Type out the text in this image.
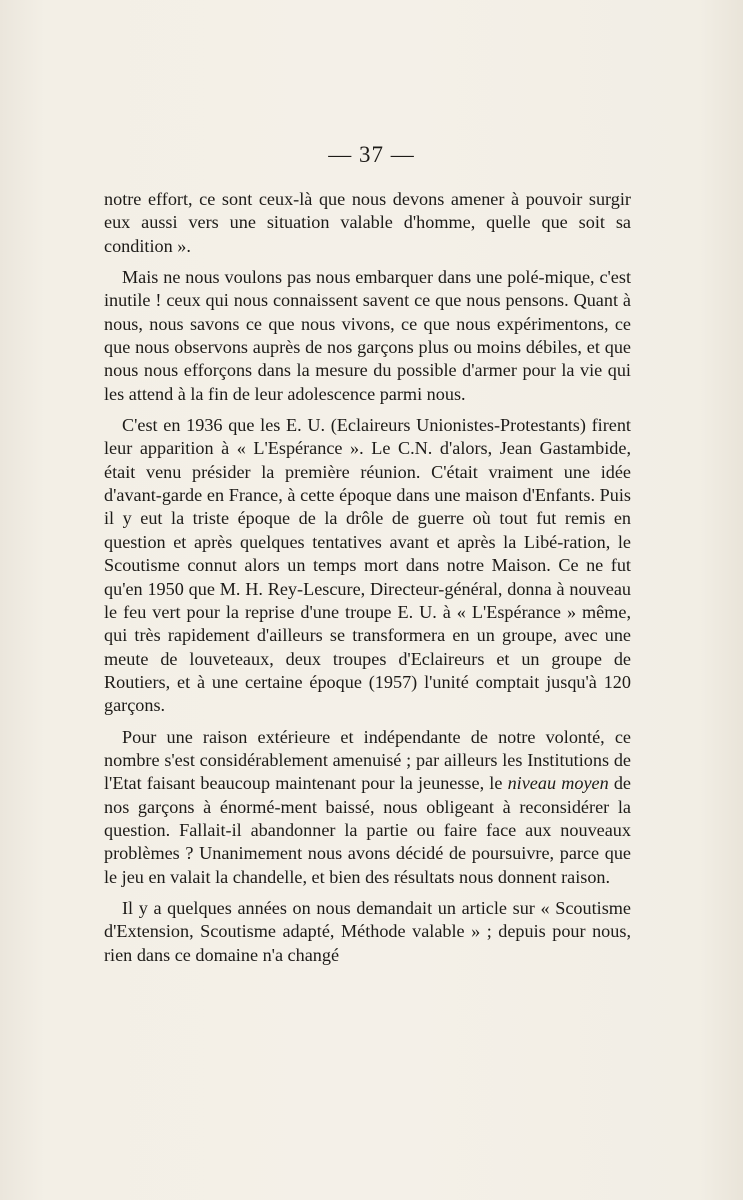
— 37 —

notre effort, ce sont ceux-là que nous devons amener à pouvoir surgir eux aussi vers une situation valable d'homme, quelle que soit sa condition ».

Mais ne nous voulons pas nous embarquer dans une polé-mique, c'est inutile ! ceux qui nous connaissent savent ce que nous pensons. Quant à nous, nous savons ce que nous vivons, ce que nous expérimentons, ce que nous observons auprès de nos garçons plus ou moins débiles, et que nous nous efforçons dans la mesure du possible d'armer pour la vie qui les attend à la fin de leur adolescence parmi nous.

C'est en 1936 que les E. U. (Eclaireurs Unionistes-Protestants) firent leur apparition à « L'Espérance ». Le C.N. d'alors, Jean Gastambide, était venu présider la première réunion. C'était vraiment une idée d'avant-garde en France, à cette époque dans une maison d'Enfants. Puis il y eut la triste époque de la drôle de guerre où tout fut remis en question et après quelques tentatives avant et après la Libé-ration, le Scoutisme connut alors un temps mort dans notre Maison. Ce ne fut qu'en 1950 que M. H. Rey-Lescure, Directeur-général, donna à nouveau le feu vert pour la reprise d'une troupe E. U. à « L'Espérance » même, qui très rapidement d'ailleurs se transformera en un groupe, avec une meute de louveteaux, deux troupes d'Eclaireurs et un groupe de Routiers, et à une certaine époque (1957) l'unité comptait jusqu'à 120 garçons.

Pour une raison extérieure et indépendante de notre volonté, ce nombre s'est considérablement amenuisé ; par ailleurs les Institutions de l'Etat faisant beaucoup maintenant pour la jeunesse, le niveau moyen de nos garçons à énormé-ment baissé, nous obligeant à reconsidérer la question. Fallait-il abandonner la partie ou faire face aux nouveaux problèmes ? Unanimement nous avons décidé de poursuivre, parce que le jeu en valait la chandelle, et bien des résultats nous donnent raison.

Il y a quelques années on nous demandait un article sur « Scoutisme d'Extension, Scoutisme adapté, Méthode valable » ; depuis pour nous, rien dans ce domaine n'a changé
